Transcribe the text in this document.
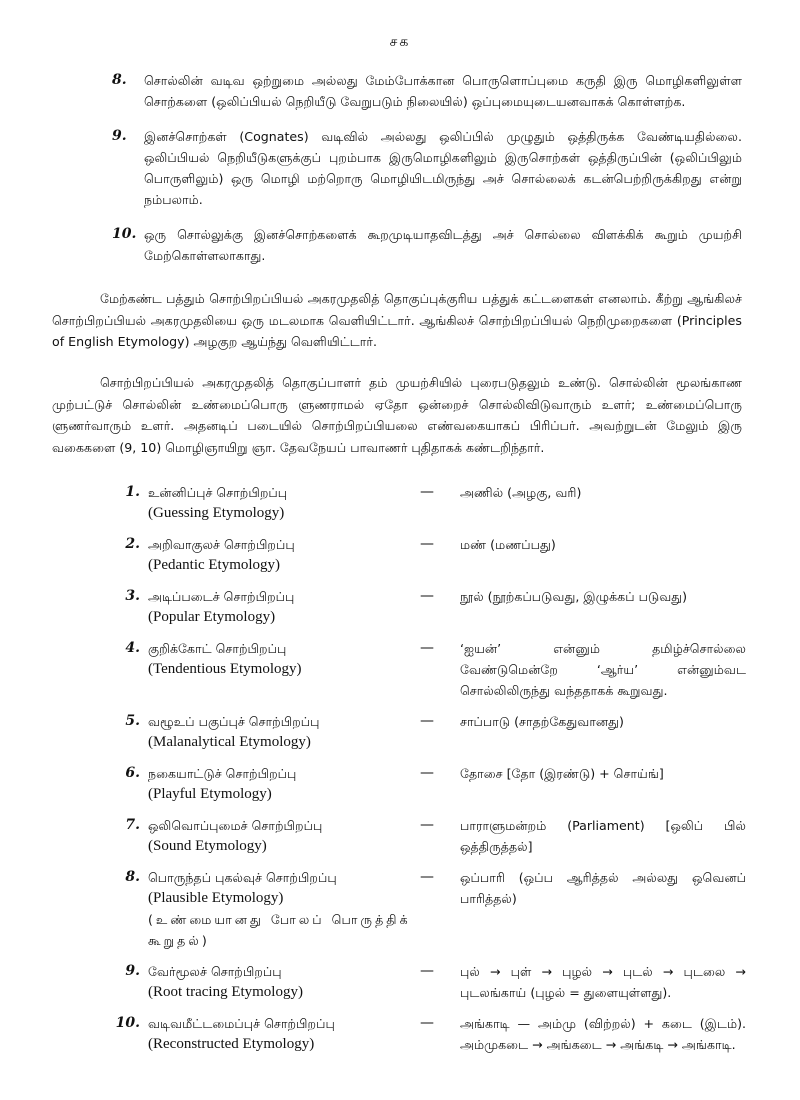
சக
8.	சொல்லின் வடிவ ஒற்றுமை அல்லது மேம்போக்கான பொருளொப்புமை கருதி இரு மொழிகளிலுள்ள சொற்களை (ஒலிப்பியல் நெறியீடு வேறுபடும் நிலையில்) ஒப்புமையுடையனவாகக் கொள்ளற்க.
9.	இனச்சொற்கள் (Cognates) வடிவில் அல்லது ஒலிப்பில் முழுதும் ஒத்திருக்க வேண்டியதில்லை. ஒலிப்பியல் நெறியீடுகளுக்குப் புறம்பாக இருமொழிகளிலும் இருசொற்கள் ஒத்திருப்பின் (ஒலிப்பிலும் பொருளிலும்) ஒரு மொழி மற்றொரு மொழியிடமிருந்து அச் சொல்லைக் கடன்பெற்றிருக்கிறது என்று நம்பலாம்.
10. ஒரு சொல்லுக்கு இனச்சொற்களைக் கூறமுடியாதவிடத்து அச் சொல்லை விளக்கிக் கூறும் முயற்சி மேற்கொள்ளலாகாது.

மேற்கண்ட பத்தும் சொற்பிறப்பியல் அகரமுதலித் தொகுப்புக்குரிய பத்துக் கட்டளைகள் எனலாம். கீற்று ஆங்கிலச் சொற்பிறப்பியல் அகரமுதலியை ஒரு மடலமாக வெளியிட்டார். ஆங்கிலச் சொற்பிறப்பியல் நெறிமுறைகளை (Principles of English Etymology) அழகுற ஆய்ந்து வெளியிட்டார்.

சொற்பிறப்பியல் அகரமுதலித் தொகுப்பாளர் தம் முயற்சியில் புரைபடுதலும் உண்டு. சொல்லின் மூலங்காண முற்பட்டுச் சொல்லின் உண்மைப்பொரு ளுணராமல் ஏதோ ஒன்றைச் சொல்லிவிடுவாரும் உளர்; உண்மைப்பொரு ளுணர்வாரும் உளர். அதனடிப் படையில் சொற்பிறப்பியலை எண்வகையாகப் பிரிப்பர். அவற்றுடன் மேலும் இரு வகைகளை (9, 10) மொழிஞாயிறு ஞா. தேவநேயப் பாவாணர் புதிதாகக் கண்டறிந்தார்.

1. உன்னிப்புச் சொற்பிறப்பு
(Guessing Etymology)
—	அணில் (அழகு, வரி)
2. அறிவாகுலச் சொற்பிறப்பு
(Pedantic Etymology)
—	மண் (மணப்பது)
3. அடிப்படைச் சொற்பிறப்பு
(Popular Etymology)
—	நூல் (நூற்கப்படுவது, இழுக்கப் படுவது)
4. குறிக்கோட் சொற்பிறப்பு
(Tendentious Etymology)
—	‘ஐயன்’ என்னும் தமிழ்ச்சொல்லை வேண்டுமென்றே ‘ஆர்ய’ என்னும்வட சொல்லிலிருந்து வந்ததாகக் கூறுவது.
5. வழூஉப் பகுப்புச் சொற்பிறப்பு
(Malanalytical Etymology)
—	சாப்பாடு (சாதற்கேதுவானது)
6. நகையாட்டுச் சொற்பிறப்பு
(Playful Etymology)
—	தோசை [தோ (இரண்டு) + சொய்ங்]
7. ஒலிவொப்புமைச் சொற்பிறப்பு
(Sound Etymology)
—	பாராளுமன்றம் (Parliament) [ஒலிப் பில் ஒத்திருத்தல்]
8. பொருந்தப் புகல்வுச் சொற்பிறப்பு
(Plausible Etymology)
(உண்மையானது போலப் பொருத்திக் கூறுதல்)
—	ஒப்பாரி (ஒப்ப ஆரித்தல் அல்லது ஒவெனப் பாரித்தல்)
9. வேர்மூலச் சொற்பிறப்பு
(Root tracing Etymology)
—	புல் → புள் → புழல் → புடல் → புடலை → புடலங்காய் (புழல் = துளையுள்ளது).
10. வடிவமீட்டமைப்புச் சொற்பிறப்பு
(Reconstructed Etymology)
—	அங்காடி — அம்மு (விற்றல்) + கடை (இடம்). அம்முகடை → அங்கடை → அங்கடி → அங்காடி.
